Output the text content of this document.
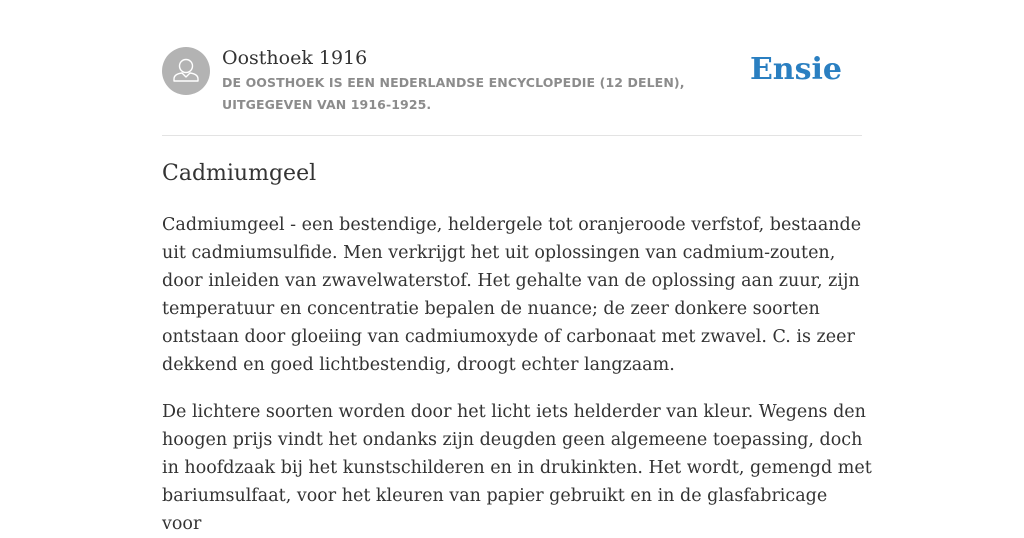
Oosthoek 1916
DE OOSTHOEK IS EEN NEDERLANDSE ENCYCLOPEDIE (12 DELEN), UITGEGEVEN VAN 1916-1925.
Ensie
Cadmiumgeel

Cadmiumgeel - een bestendige, heldergele tot oranjeroode verfstof, bestaande uit cadmiumsulfide. Men verkrijgt het uit oplossingen van cadmium-zouten, door inleiden van zwavelwaterstof. Het gehalte van de oplossing aan zuur, zijn temperatuur en concentratie bepalen de nuance; de zeer donkere soorten ontstaan door gloeiing van cadmiumoxyde of carbonaat met zwavel. C. is zeer dekkend en goed lichtbestendig, droogt echter langzaam.

De lichtere soorten worden door het licht iets helderder van kleur. Wegens den hoogen prijs vindt het ondanks zijn deugden geen algemeene toepassing, doch in hoofdzaak bij het kunstschilderen en in drukinkten. Het wordt, gemengd met bariumsulfaat, voor het kleuren van papier gebruikt en in de glasfabricage voor
